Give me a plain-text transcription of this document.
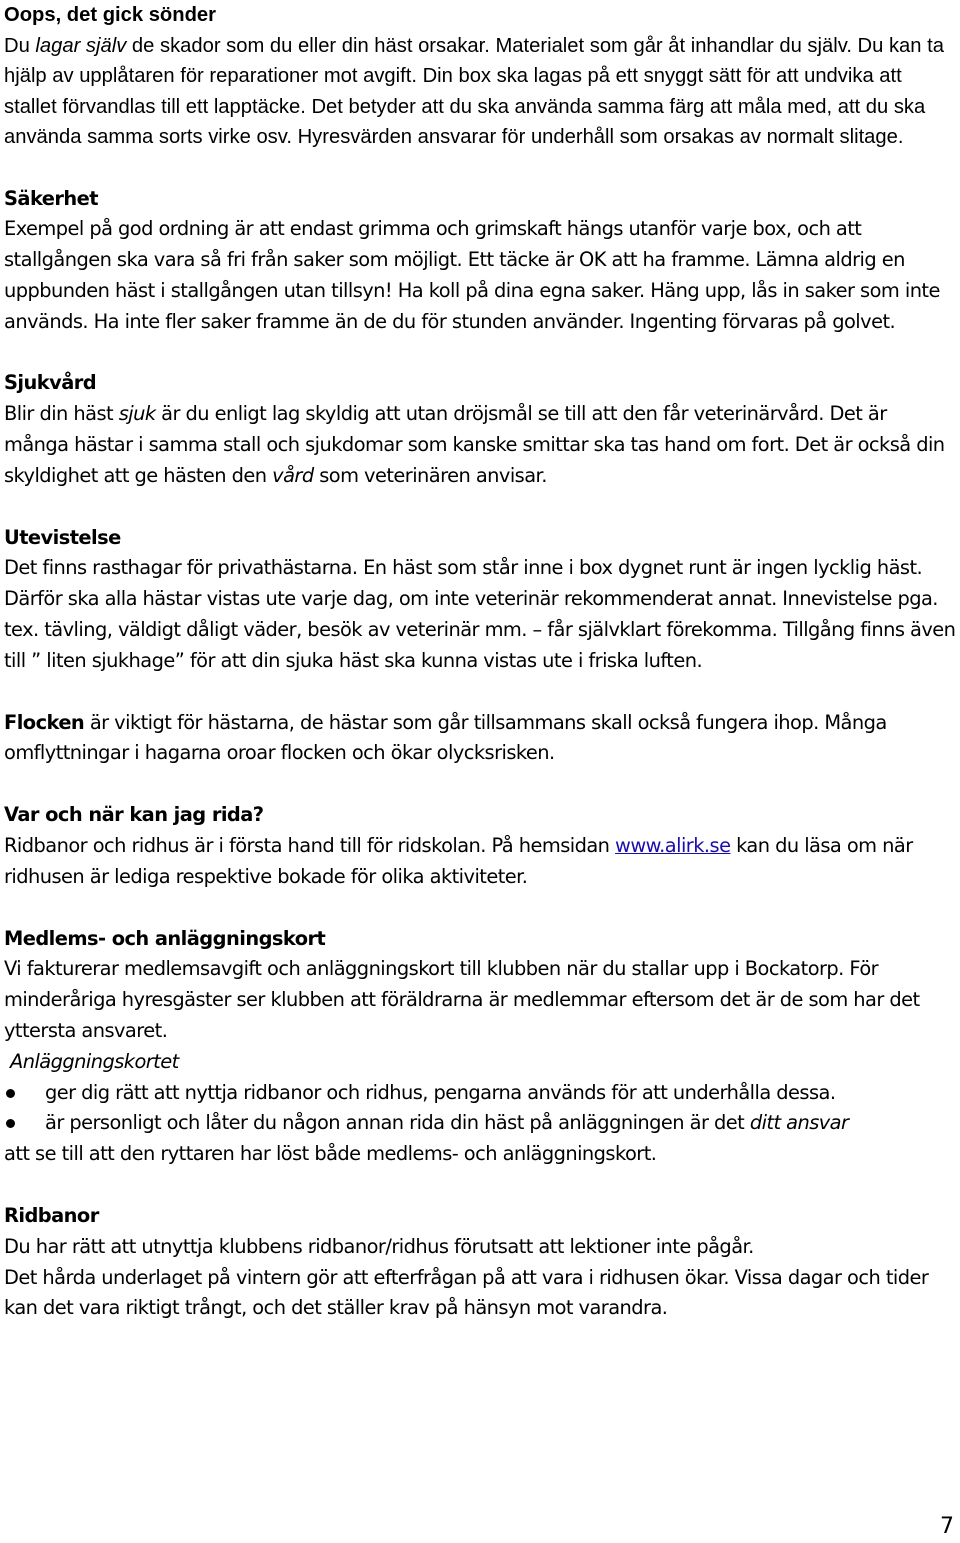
Oops, det gick sönder

Du lagar själv de skador som du eller din häst orsakar. Materialet som går åt inhandlar du själv. Du kan ta hjälp av upplåtaren för reparationer mot avgift. Din box ska lagas på ett snyggt sätt för att undvika att stallet förvandlas till ett lapptäcke. Det betyder att du ska använda samma färg att måla med, att du ska använda samma sorts virke osv. Hyresvärden ansvarar för underhåll som orsakas av normalt slitage.

Säkerhet

Exempel på god ordning är att endast grimma och grimskaft hängs utanför varje box, och att stallgången ska vara så fri från saker som möjligt. Ett täcke är OK att ha framme. Lämna aldrig en uppbunden häst i stallgången utan tillsyn! Ha koll på dina egna saker. Häng upp, lås in saker som inte används. Ha inte fler saker framme än de du för stunden använder. Ingenting förvaras på golvet.

Sjukvård

Blir din häst sjuk är du enligt lag skyldig att utan dröjsmål se till att den får veterinärvård. Det är många hästar i samma stall och sjukdomar som kanske smittar ska tas hand om fort. Det är också din skyldighet att ge hästen den vård som veterinären anvisar.

Utevistelse

Det finns rasthagar för privathästarna. En häst som står inne i box dygnet runt är ingen lycklig häst. Därför ska alla hästar vistas ute varje dag, om inte veterinär rekommenderat annat. Innevistelse pga. tex. tävling, väldigt dåligt väder, besök av veterinär mm. – får självklart förekomma. Tillgång finns även till ” liten sjukhage” för att din sjuka häst ska kunna vistas ute i friska luften.

Flocken är viktigt för hästarna, de hästar som går tillsammans skall också fungera ihop. Många omflyttningar i hagarna oroar flocken och ökar olycksrisken.

Var och när kan jag rida?

Ridbanor och ridhus är i första hand till för ridskolan. På hemsidan www.alirk.se kan du läsa om när ridhusen är lediga respektive bokade för olika aktiviteter.

Medlems- och anläggningskort

Vi fakturerar medlemsavgift och anläggningskort till klubben när du stallar upp i Bockatorp. För minderåriga hyresgäster ser klubben att föräldrarna är medlemmar eftersom det är de som har det yttersta ansvaret.

Anläggningskortet

ger dig rätt att nyttja ridbanor och ridhus, pengarna används för att underhålla dessa.
är personligt och låter du någon annan rida din häst på anläggningen är det ditt ansvar

att se till att den ryttaren har löst både medlems- och anläggningskort.

Ridbanor

Du har rätt att utnyttja klubbens ridbanor/ridhus förutsatt att lektioner inte pågår.

Det hårda underlaget på vintern gör att efterfrågan på att vara i ridhusen ökar. Vissa dagar och tider kan det vara riktigt trångt, och det ställer krav på hänsyn mot varandra.

7
